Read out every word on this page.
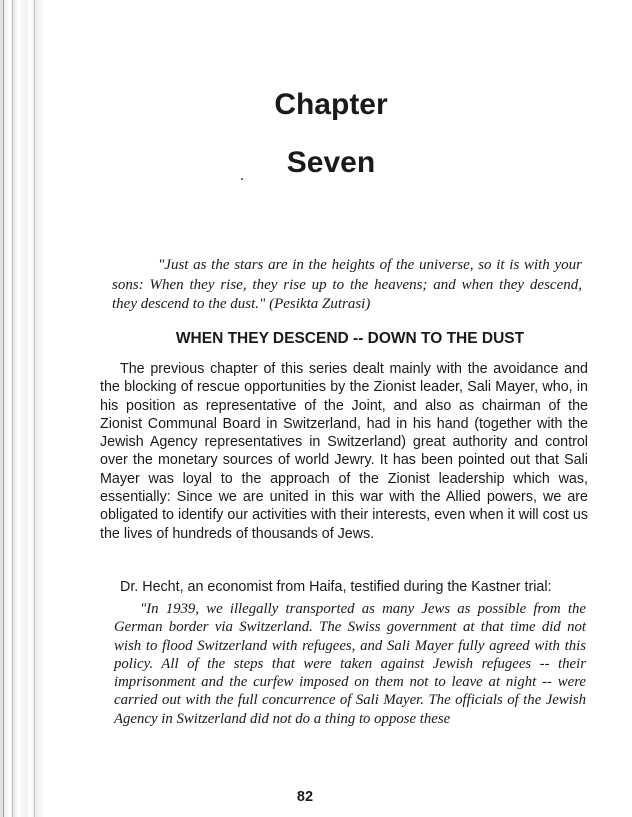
Chapter
Seven

"Just as the stars are in the heights of the universe, so it is with your sons: When they rise, they rise up to the heavens; and when they descend, they descend to the dust." (Pesikta Zutrasi)

WHEN THEY DESCEND -- DOWN TO THE DUST

The previous chapter of this series dealt mainly with the avoidance and the blocking of rescue opportunities by the Zionist leader, Sali Mayer, who, in his position as representative of the Joint, and also as chairman of the Zionist Communal Board in Switzerland, had in his hand (together with the Jewish Agency representatives in Switzerland) great authority and control over the monetary sources of world Jewry. It has been pointed out that Sali Mayer was loyal to the approach of the Zionist leadership which was, essentially: Since we are united in this war with the Allied powers, we are obligated to identify our activities with their interests, even when it will cost us the lives of hundreds of thousands of Jews.

Dr. Hecht, an economist from Haifa, testified during the Kastner trial:

"In 1939, we illegally transported as many Jews as possible from the German border via Switzerland. The Swiss government at that time did not wish to flood Switzerland with refugees, and Sali Mayer fully agreed with this policy. All of the steps that were taken against Jewish refugees -- their imprisonment and the curfew imposed on them not to leave at night -- were carried out with the full concurrence of Sali Mayer. The officials of the Jewish Agency in Switzerland did not do a thing to oppose these

82
